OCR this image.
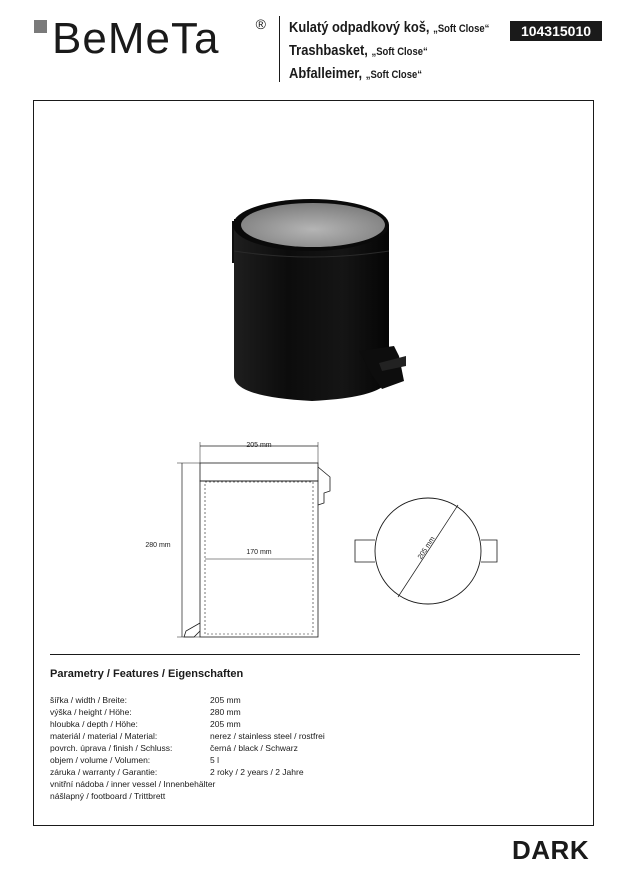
BeMeTa	® Kulatý odpadkový koš, „Soft Close“
Trashbasket, „Soft Close“
Abfalleimer, „Soft Close“
104315010
205 mm
280 mm
170 mm	205 mm
Parametry / Features / Eigenschaften
šířka / width / Breite:	205 mm
výška / height / Höhe:	280 mm
hloubka / depth / Höhe:	205 mm
materiál / material / Material:	nerez / stainless steel / rostfrei
povrch. úprava / finish / Schluss:	černá / black / Schwarz
objem / volume / Volumen:	5 l
záruka / warranty / Garantie:	2 roky / 2 years / 2 Jahre
vnitřní nádoba / inner vessel / Innenbehälter
nášlapný / footboard / Trittbrett
DARK
